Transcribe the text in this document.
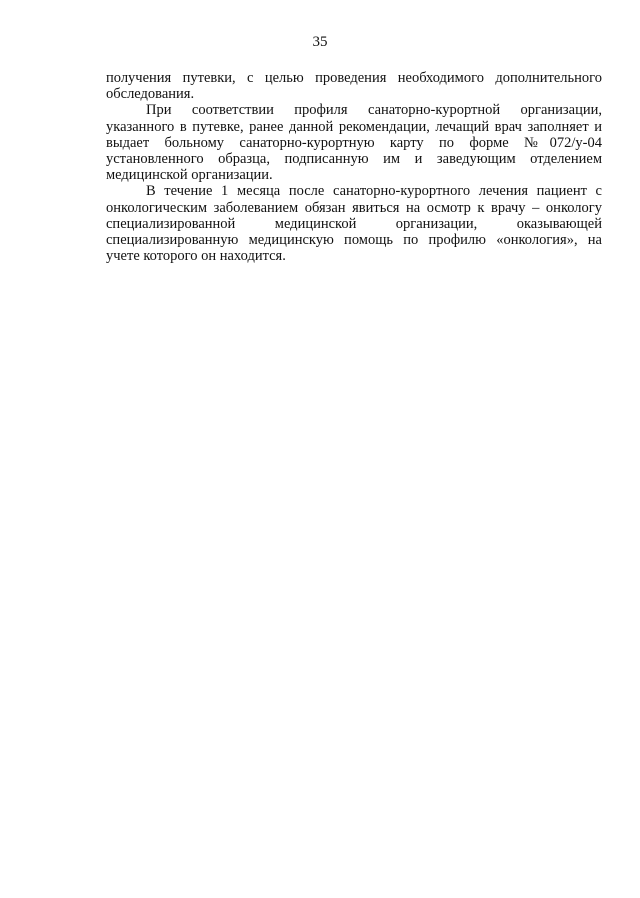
35

получения путевки, с целью проведения необходимого дополнительного
обследования.

При соответствии профиля санаторно-курортной организации,
указанного в путевке, ранее данной рекомендации, лечащий врач заполняет и
выдает больному санаторно-курортную карту по форме №072/у-04
установленного образца, подписанную им и заведующим отделением
медицинской организации.

В течение 1 месяца после санаторно-курортного лечения пациент с
онкологическим заболеванием обязан явиться на осмотр к врачу – онкологу
специализированной медицинской организации, оказывающей
специализированную медицинскую помощь по профилю «онкология», на
учете которого он находится.
